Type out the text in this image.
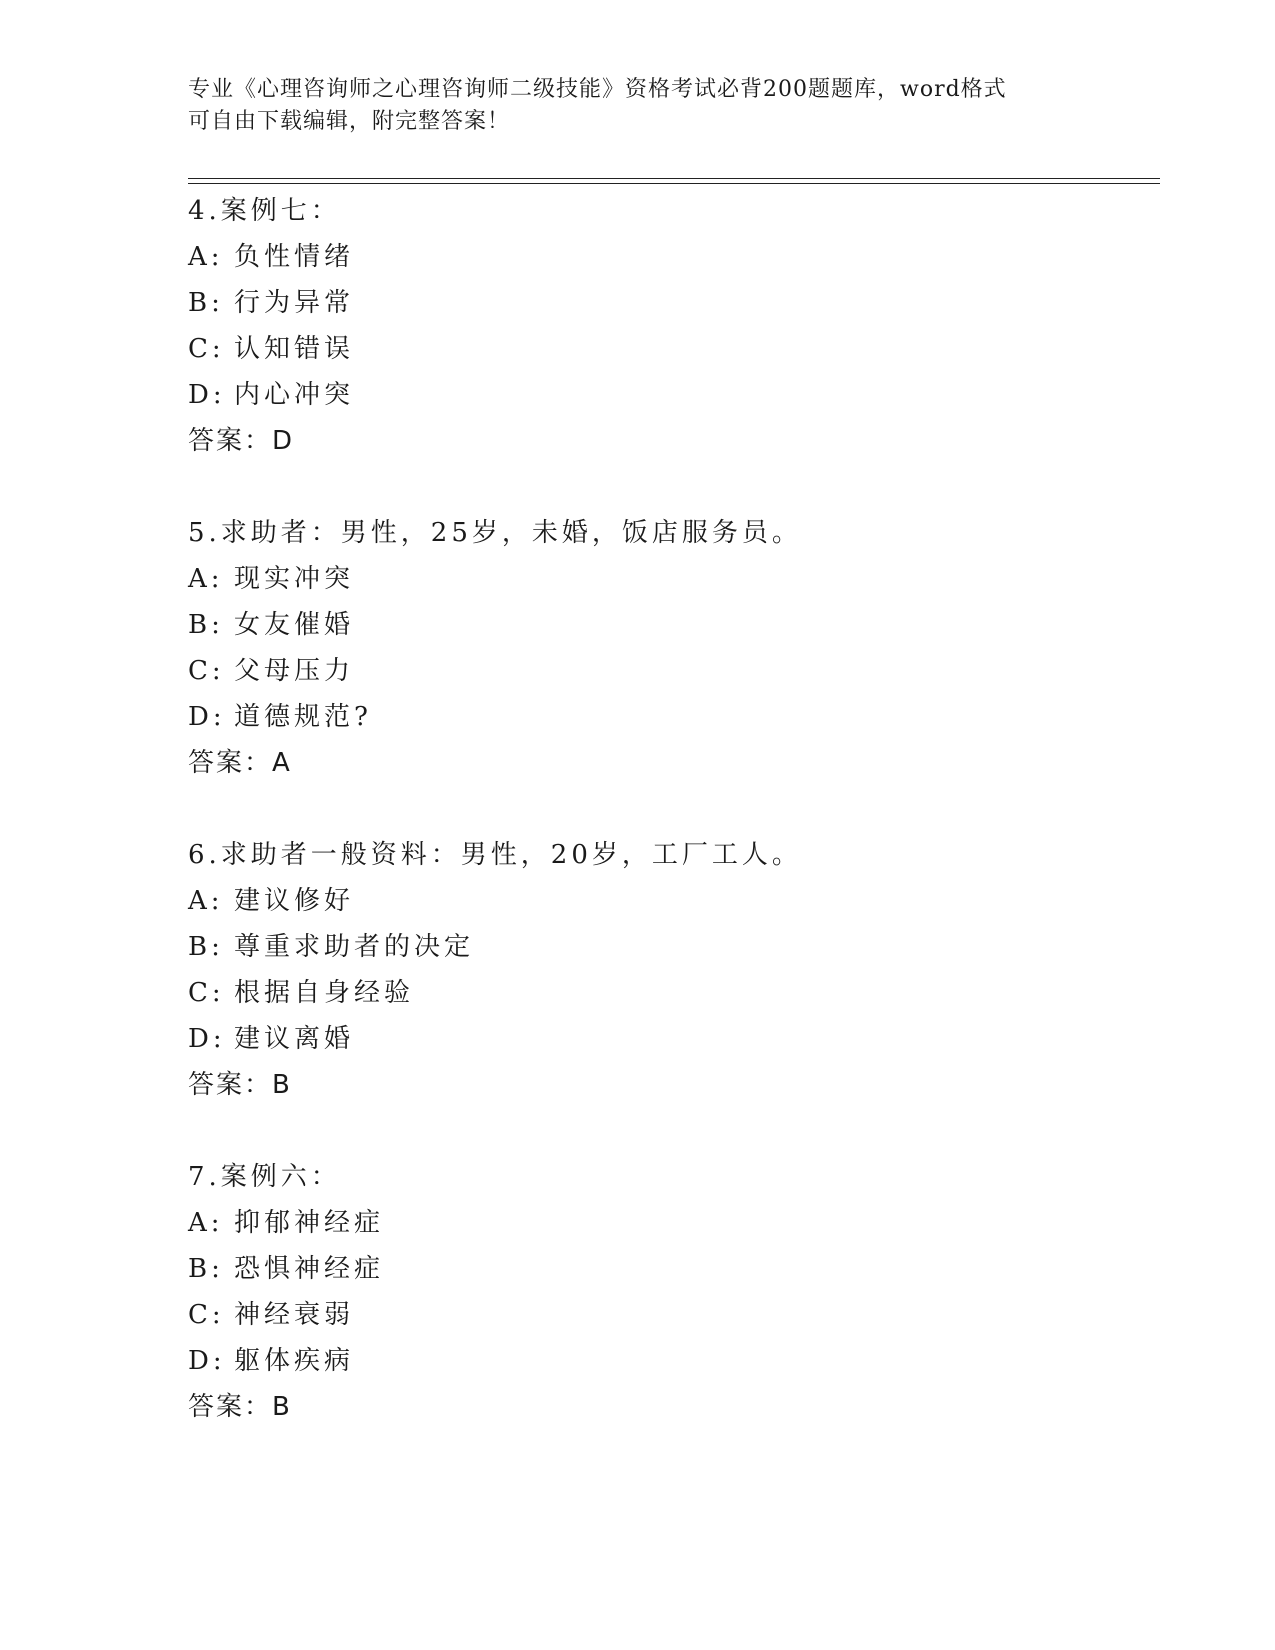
专业《心理咨询师之心理咨询师二级技能》资格考试必背200题题库，word格式
可自由下载编辑，附完整答案！
4.案例七：
A: 负性情绪
B: 行为异常
C: 认知错误
D: 内心冲突
答案：D
5.求助者：男性，25岁，未婚，饭店服务员。
A: 现实冲突
B: 女友催婚
C: 父母压力
D: 道德规范?
答案：A
6.求助者一般资料：男性，20岁，工厂工人。
A: 建议修好
B: 尊重求助者的决定
C: 根据自身经验
D: 建议离婚
答案：B
7.案例六：
A: 抑郁神经症
B: 恐惧神经症
C: 神经衰弱
D: 躯体疾病
答案：B
